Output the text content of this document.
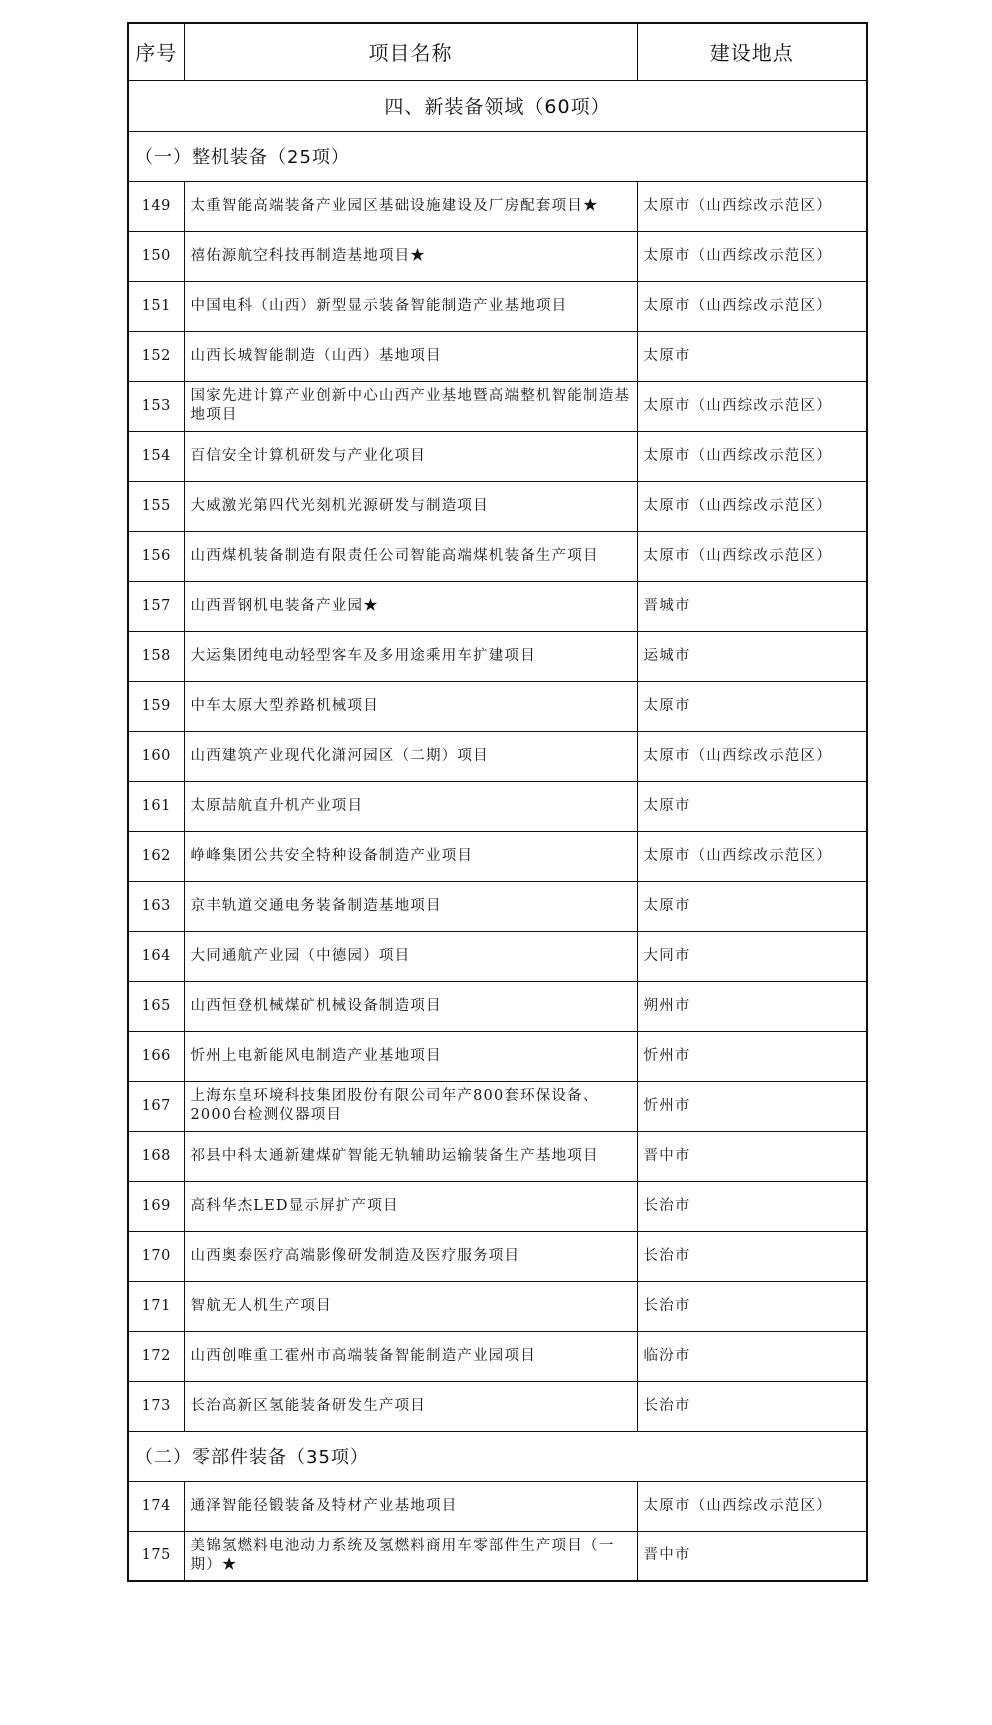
序号	项目名称	建设地点
四、新装备领域（60项）		
（一）整机装备（25项）		
149	太重智能高端装备产业园区基础设施建设及厂房配套项目★	太原市（山西综改示范区）
150	禧佑源航空科技再制造基地项目★	太原市（山西综改示范区）
151	中国电科（山西）新型显示装备智能制造产业基地项目	太原市（山西综改示范区）
152	山西长城智能制造（山西）基地项目	太原市
153	国家先进计算产业创新中心山西产业基地暨高端整机智能制造基地项目	太原市（山西综改示范区）
154	百信安全计算机研发与产业化项目	太原市（山西综改示范区）
155	大威激光第四代光刻机光源研发与制造项目	太原市（山西综改示范区）
156	山西煤机装备制造有限责任公司智能高端煤机装备生产项目	太原市（山西综改示范区）
157	山西晋钢机电装备产业园★	晋城市
158	大运集团纯电动轻型客车及多用途乘用车扩建项目	运城市
159	中车太原大型养路机械项目	太原市
160	山西建筑产业现代化潇河园区（二期）项目	太原市（山西综改示范区）
161	太原喆航直升机产业项目	太原市
162	峥峰集团公共安全特种设备制造产业项目	太原市（山西综改示范区）
163	京丰轨道交通电务装备制造基地项目	太原市
164	大同通航产业园（中德园）项目	大同市
165	山西恒登机械煤矿机械设备制造项目	朔州市
166	忻州上电新能风电制造产业基地项目	忻州市
167	上海东皇环境科技集团股份有限公司年产800套环保设备、2000台检测仪器项目	忻州市
168	祁县中科太通新建煤矿智能无轨辅助运输装备生产基地项目	晋中市
169	高科华杰LED显示屏扩产项目	长治市
170	山西奥泰医疗高端影像研发制造及医疗服务项目	长治市
171	智航无人机生产项目	长治市
172	山西创唯重工霍州市高端装备智能制造产业园项目	临汾市
173	长治高新区氢能装备研发生产项目	长治市
（二）零部件装备（35项）		
174	通泽智能径锻装备及特材产业基地项目	太原市（山西综改示范区）
175	美锦氢燃料电池动力系统及氢燃料商用车零部件生产项目（一期）★	晋中市
